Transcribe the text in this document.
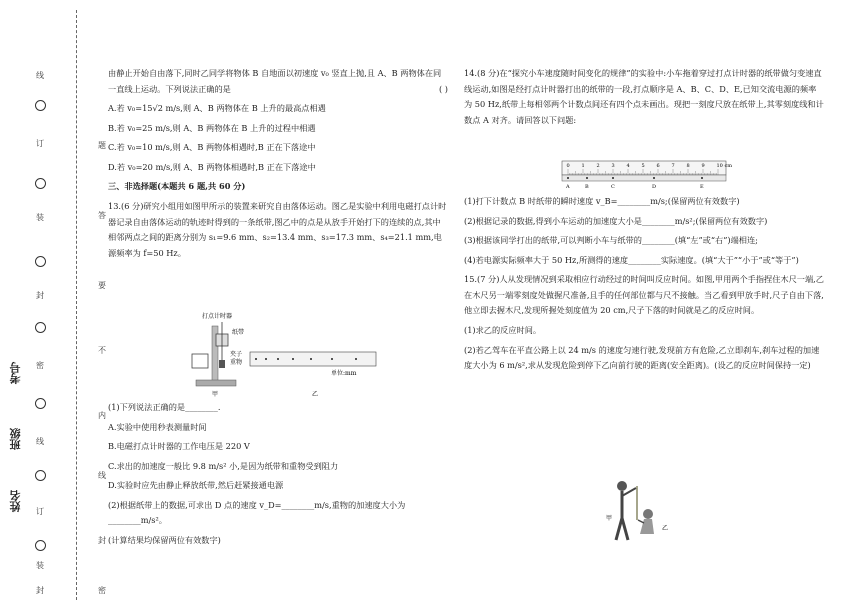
姓名
班级
考号
线
订
装
封
密
线
订
装
封
题
答
要
不
内
线
封
密

由静止开始自由落下,同时乙同学将物体 B 自地面以初速度 v₀ 竖直上抛,且 A、B 两物体在同一直线上运动。下列说法正确的是	( )

A.若 v₀=15√2 m/s,则 A、B 两物体在 B 上升的最高点相遇

B.若 v₀=25 m/s,则 A、B 两物体在 B 上升的过程中相遇

C.若 v₀=10 m/s,则 A、B 两物体相遇时,B 正在下落途中

D.若 v₀=20 m/s,则 A、B 两物体相遇时,B 正在下落途中

三、非选择题(本题共 6 题,共 60 分)

13.(6 分)研究小组用如图甲所示的装置来研究自由落体运动。图乙是实验中利用电磁打点计时器记录自由落体运动的轨迹时得到的一条纸带,图乙中的点是从放手开始打下的连续的点,其中相邻两点之间的距离分别为 s₁=9.6 mm、s₂=13.4 mm、s₃=17.3 mm、s₄=21.1 mm,电源频率为 f=50 Hz。

打点计时器
纸带
夹子
重物
甲
单位:mm
乙

(1)下列说法正确的是________.

A.实验中使用秒表测量时间

B.电磁打点计时器的工作电压是 220 V

C.求出的加速度一般比 9.8 m/s² 小,是因为纸带和重物受到阻力

D.实验时应先由静止释放纸带,然后赶紧接通电源

(2)根据纸带上的数据,可求出 D 点的速度 v_D=________m/s,重物的加速度大小为________m/s²。

(计算结果均保留两位有效数字)

14.(8 分)在“探究小车速度随时间变化的规律”的实验中:小车拖着穿过打点计时器的纸带做匀变速直线运动,如图是经打点计时器打出的纸带的一段,打点顺序是 A、B、C、D、E,已知交流电源的频率为 50 Hz,纸带上每相邻两个计数点间还有四个点未画出。现把一刻度尺放在纸带上,其零刻度线和计数点 A 对齐。请回答以下问题:

0 1 2 3 4 5 6 7 8 9 10 cm
A	B	C	D	E

(1)打下计数点 B 时纸带的瞬时速度 v_B=________m/s;(保留两位有效数字)

(2)根据记录的数据,得到小车运动的加速度大小是________m/s²;(保留两位有效数字)

(3)根据该同学打出的纸带,可以判断小车与纸带的________(填“左”或“右”)端相连;

(4)若电源实际频率大于 50 Hz,所测得的速度________实际速度。(填“大于”“小于”或“等于”)

15.(7 分)人从发现情况到采取相应行动经过的时间叫反应时间。如图,甲用两个手指捏住木尺一端,乙在木尺另一端零刻度处做握尺准备,且手的任何部位都与尺不接触。当乙看到甲放手时,尺子自由下落,他立即去握木尺,发现所握处刻度值为 20 cm,尺子下落的时间就是乙的反应时间。

(1)求乙的反应时间。

(2)若乙驾车在平直公路上以 24 m/s 的速度匀速行驶,发现前方有危险,乙立即刹车,刹车过程的加速度大小为 6 m/s²,求从发现危险到停下乙向前行驶的距离(安全距离)。(设乙的反应时间保持一定)

甲
乙
